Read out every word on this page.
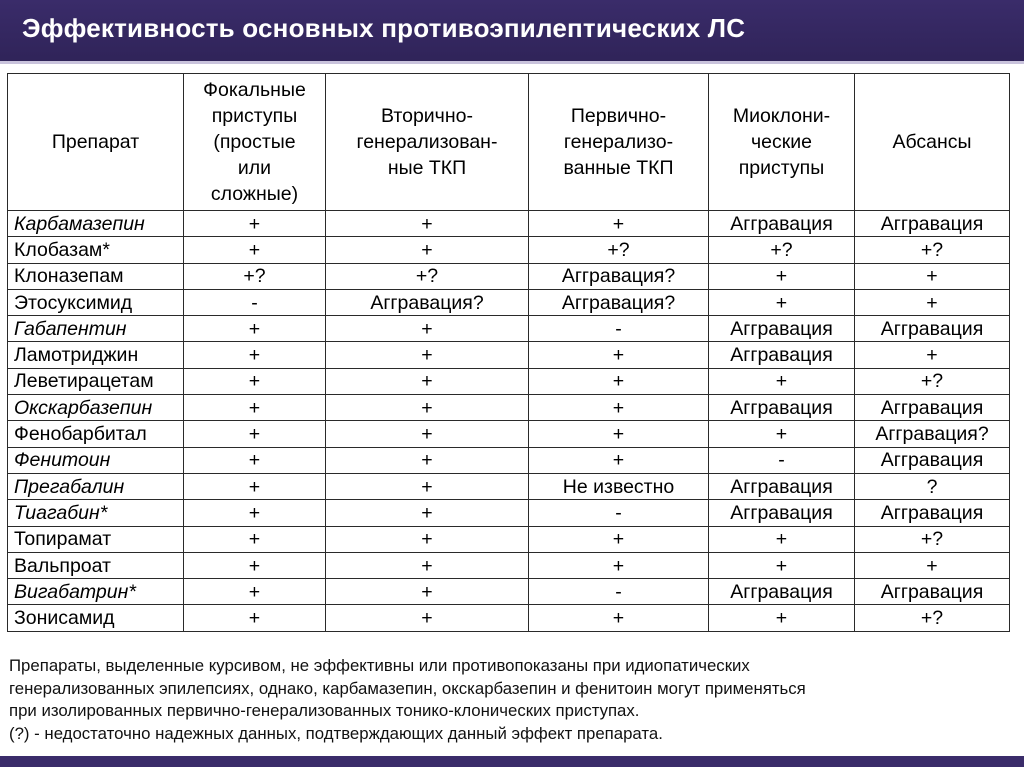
Эффективность основных противоэпилептических ЛС
Препарат	Фокальные
приступы
(простые
или
сложные)	Вторично-
генерализован-
ные ТКП	Первично-
генерализо-
ванные ТКП	Миоклони-
ческие
приступы	Абсансы
Карбамазепин	+	+	+	Аггравация	Аггравация
Клобазам*	+	+	+?	+?	+?
Клоназепам	+?	+?	Аггравация?	+	+
Этосуксимид	-	Аггравация?	Аггравация?	+	+
Габапентин	+	+	-	Аггравация	Аггравация
Ламотриджин	+	+	+	Аггравация	+
Леветирацетам	+	+	+	+	+?
Окскарбазепин	+	+	+	Аггравация	Аггравация
Фенобарбитал	+	+	+	+	Аггравация?
Фенитоин	+	+	+	-	Аггравация
Прегабалин	+	+	Не известно	Аггравация	?
Тиагабин*	+	+	-	Аггравация	Аггравация
Топирамат	+	+	+	+	+?
Вальпроат	+	+	+	+	+
Вигабатрин*	+	+	-	Аггравация	Аггравация
Зонисамид	+	+	+	+	+?
Препараты, выделенные курсивом, не эффективны или противопоказаны при идиопатических
генерализованных эпилепсиях, однако, карбамазепин, окскарбазепин и фенитоин могут применяться
при изолированных первично-генерализованных тонико-клонических приступах.
(?) - недостаточно надежных данных, подтверждающих данный эффект препарата.
